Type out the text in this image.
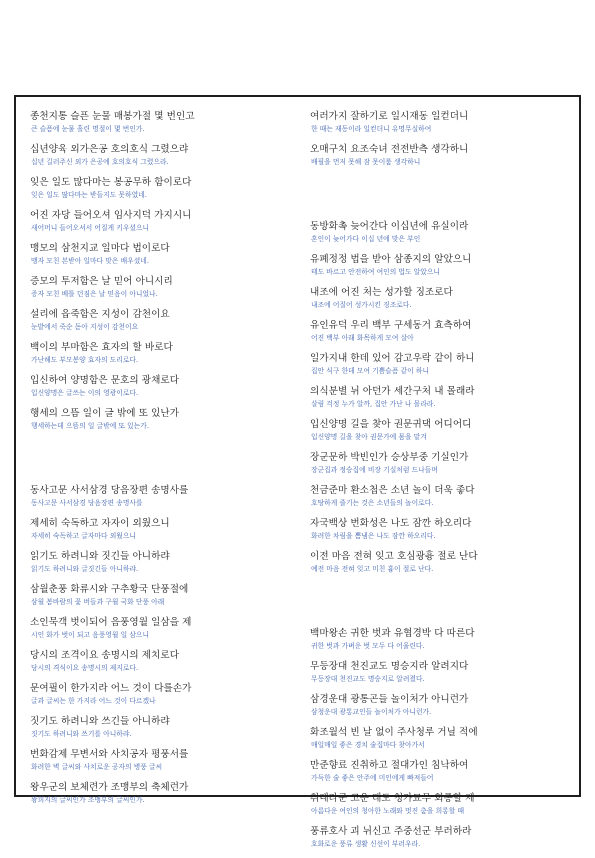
종천지통 슬픈 눈물 매봉가절 몇 번인고
큰 슬픔에 눈물 흘린 명절이 몇 번인가.
십년양육 외가은공 호의호식 그렸으랴
십년 길러주신 외가 은공에 호의호식 그렸으라.
잊은 일도 많다마는 봉공무하 함이로다
잊은 일도 많다마는 받들지도 못하였네.
어진 자당 들어오셔 임사지덕 가지시니
새어머니 들어오셔서 어질게 키우셨으니
맹모의 삼천지교 일마다 법이로다
맹자 모친 본받아 일마다 맞은 배우셨네.
증모의 투저함은 날 믿어 아니시리
증자 모친 베틀 던짐은 날 믿음이 아니었나.
설리에 읍죽함은 지성이 감천이요
눈밭에서 죽순 돋아 지성이 감천이요
백이의 부마함은 효자의 할 바로다
가난해도 부모봉양 효자의 도리로다.
입신하여 양명함은 문호의 광채로다
입신양명은 글쓰는 이의 영광이로다.
행세의 으뜸 일이 글 밖에 또 있난가
행세하는데 으뜸의 일 글밖에 또 있는가.
동사고문 사서삼경 당음장편 송명사를
동사고문 사서삼경 당음장편 송명사를
제세히 숙독하고 자자이 외웠으니
자세히 숙독하고 글자마다 외웠으니
읽기도 하려니와 짓긴들 아니하랴
읽기도 하려니와 글짓긴들 아니하랴.
삼월춘풍 화류시와 구추황국 단풍절에
삼월 봄바람의 꽃 버들과 구월 국화 단풍 아래
소인묵객 벗이되어 음풍영월 일삼을 제
시인 화가 벗이 되고 음풍영월 일 삼으니
당시의 조격이요 송명시의 제치로다
당시의 격식이요 송명시의 제지로다.
문여필이 한가지라 어느 것이 다를손가
글과 글씨는 한 가지라 어느 것이 다르겠나
짓기도 하려니와 쓰긴들 아니하랴
짓기도 하려니와 쓰기를 아니하랴.
번화감제 무변서와 사치공자 평풍서를
화려한 벽 글씨와 사치로운 공자의 병풍 글씨
왕우군의 보체련가 조맹부의 축체런가
왕희지의 글씨인가 조맹부의 글씨인가.
여러가지 잘하기로 일시재동 일컫더니
한 때는 재동이라 일컫더니 유명무실하여
오매구치 요조숙녀 전전반측 생각하니
배필을 먼저 못해 잠 못이룸 생각하니
동방화촉 늦어간다 이십년에 유실이라
혼인이 늦어가다 이십 년에 맞은 부인
유폐정정 법을 받아 삼종지의 알았으니
태도 바르고 안전하여 여인의 법도 알았으니
내조에 어진 처는 성가할 징조로다
내조에 어질어 성가시킨 징조로다.
유인유덕 우리 백부 구세동거 효측하여
어진 백부 아래 화목하게 모여 살아
일가지내 한데 있어 감고우락 같이 하니
집안 식구 한데 모여 기쁨슬픔 같이 하니
의식분별 뉘 아던가 세간구처 내 몰래라
살림 걱정 누가 알까, 집안 가난 나 몰라라.
입신양명 길을 찾아 권문귀댁 어디어디
입신양명 길을 찾아 권문가에 몸을 맡겨
장군문하 박빈인가 승상부중 기실인가
장군집과 정승집에 비장 기실처럼 드나들며
천금준마 환소첩은 소년 놀이 더욱 좋다
호탕하게 즐기는 것은 소년들의 놀이로다.
자국백상 번화성은 나도 잠깐 하오리다
화려한 차림을 뽐냄은 나도 잠깐 하오리다.
이전 마음 전혀 잊고 호심광흉 절로 난다
예전 마음 전혀 잊고 미친 흉이 절로 난다.
백마왕손 귀한 벗과 유협경박 다 따른다
귀한 벗과 가벼운 벗 모두 다 어울린다.
무등장대 천진교도 명승지라 알려지다
무등장대 천진교도 명승지로 알려졌다.
삼경운대 광통곤들 놀이처가 아니런가
삼청운대 광통교인들 놀이처가 아니런가.
화조월석 빈 날 없이 주사청루 거닐 적에
매일매일 좋은 경치 술집마다 찾아가서
만준향료 진취하고 절대가인 침낙하여
가득한 술 좋은 안주에 미인에게 빠져들어
취대라군 고운 태도 청가묘무 회롱할 제
아름다운 여인의 청아한 노래와 멋진 춤을 희롱할 때
풍류호사 괴 뉘신고 주중선군 부러하라
호화로운 풍류 생활 신선이 부러우라.
